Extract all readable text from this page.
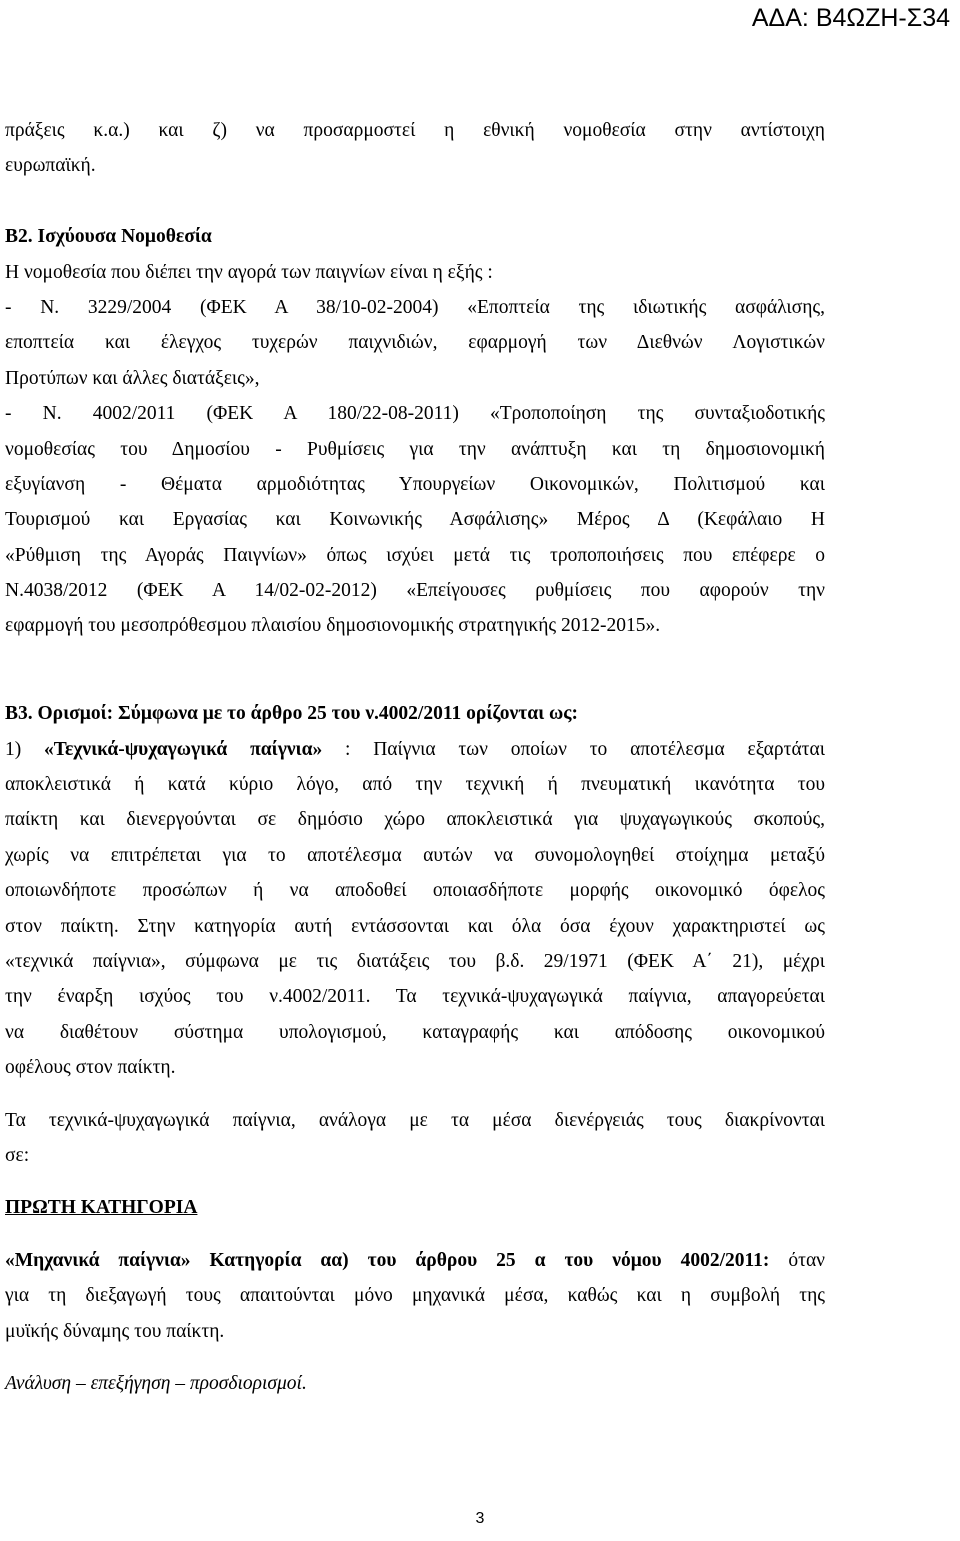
ΑΔΑ: Β4ΩΖΗ-Σ34
πράξεις κ.α.) και ζ) να προσαρμοστεί η εθνική νομοθεσία στην αντίστοιχη
ευρωπαϊκή.
Β2. Ισχύουσα Νομοθεσία
Η νομοθεσία που διέπει την αγορά των παιγνίων είναι η εξής :
- Ν. 3229/2004 (ΦΕΚ Α 38/10-02-2004) «Εποπτεία της ιδιωτικής ασφάλισης,
εποπτεία και έλεγχος τυχερών παιχνιδιών, εφαρμογή των Διεθνών Λογιστικών
Προτύπων και άλλες διατάξεις»,
- Ν. 4002/2011 (ΦΕΚ Α 180/22-08-2011) «Τροποποίηση της συνταξιοδοτικής
νομοθεσίας του Δημοσίου - Ρυθμίσεις για την ανάπτυξη και τη δημοσιονομική
εξυγίανση - Θέματα αρμοδιότητας Υπουργείων Οικονομικών, Πολιτισμού και
Τουρισμού και Εργασίας και Κοινωνικής Ασφάλισης» Μέρος Δ (Κεφάλαιο Η
«Ρύθμιση της Αγοράς Παιγνίων» όπως ισχύει μετά τις τροποποιήσεις που επέφερε ο
Ν.4038/2012 (ΦΕΚ Α 14/02-02-2012) «Επείγουσες ρυθμίσεις που αφορούν την
εφαρμογή του μεσοπρόθεσμου πλαισίου δημοσιονομικής στρατηγικής 2012-2015».
Β3. Ορισμοί: Σύμφωνα με το άρθρο 25 του ν.4002/2011 ορίζονται ως:
1) «Τεχνικά-ψυχαγωγικά παίγνια» : Παίγνια των οποίων το αποτέλεσμα εξαρτάται
αποκλειστικά ή κατά κύριο λόγο, από την τεχνική ή πνευματική ικανότητα του
παίκτη και διενεργούνται σε δημόσιο χώρο αποκλειστικά για ψυχαγωγικούς σκοπούς,
χωρίς να επιτρέπεται για το αποτέλεσμα αυτών να συνομολογηθεί στοίχημα μεταξύ
οποιωνδήποτε προσώπων ή να αποδοθεί οποιασδήποτε μορφής οικονομικό όφελος
στον παίκτη. Στην κατηγορία αυτή εντάσσονται και όλα όσα έχουν χαρακτηριστεί ως
«τεχνικά παίγνια», σύμφωνα με τις διατάξεις του β.δ. 29/1971 (ΦΕΚ Α΄ 21), μέχρι
την έναρξη ισχύος του ν.4002/2011. Τα τεχνικά-ψυχαγωγικά παίγνια, απαγορεύεται
να διαθέτουν σύστημα υπολογισμού, καταγραφής και απόδοσης οικονομικού
οφέλους στον παίκτη.
Τα τεχνικά-ψυχαγωγικά παίγνια, ανάλογα με τα μέσα διενέργειάς τους διακρίνονται
σε:
ΠΡΩΤΗ ΚΑΤΗΓΟΡΙΑ
«Μηχανικά παίγνια» Κατηγορία αα) του άρθρου 25 α του νόμου 4002/2011: όταν
για τη διεξαγωγή τους απαιτούνται μόνο μηχανικά μέσα, καθώς και η συμβολή της
μυϊκής δύναμης του παίκτη.
Ανάλυση – επεξήγηση – προσδιορισμοί.
3
